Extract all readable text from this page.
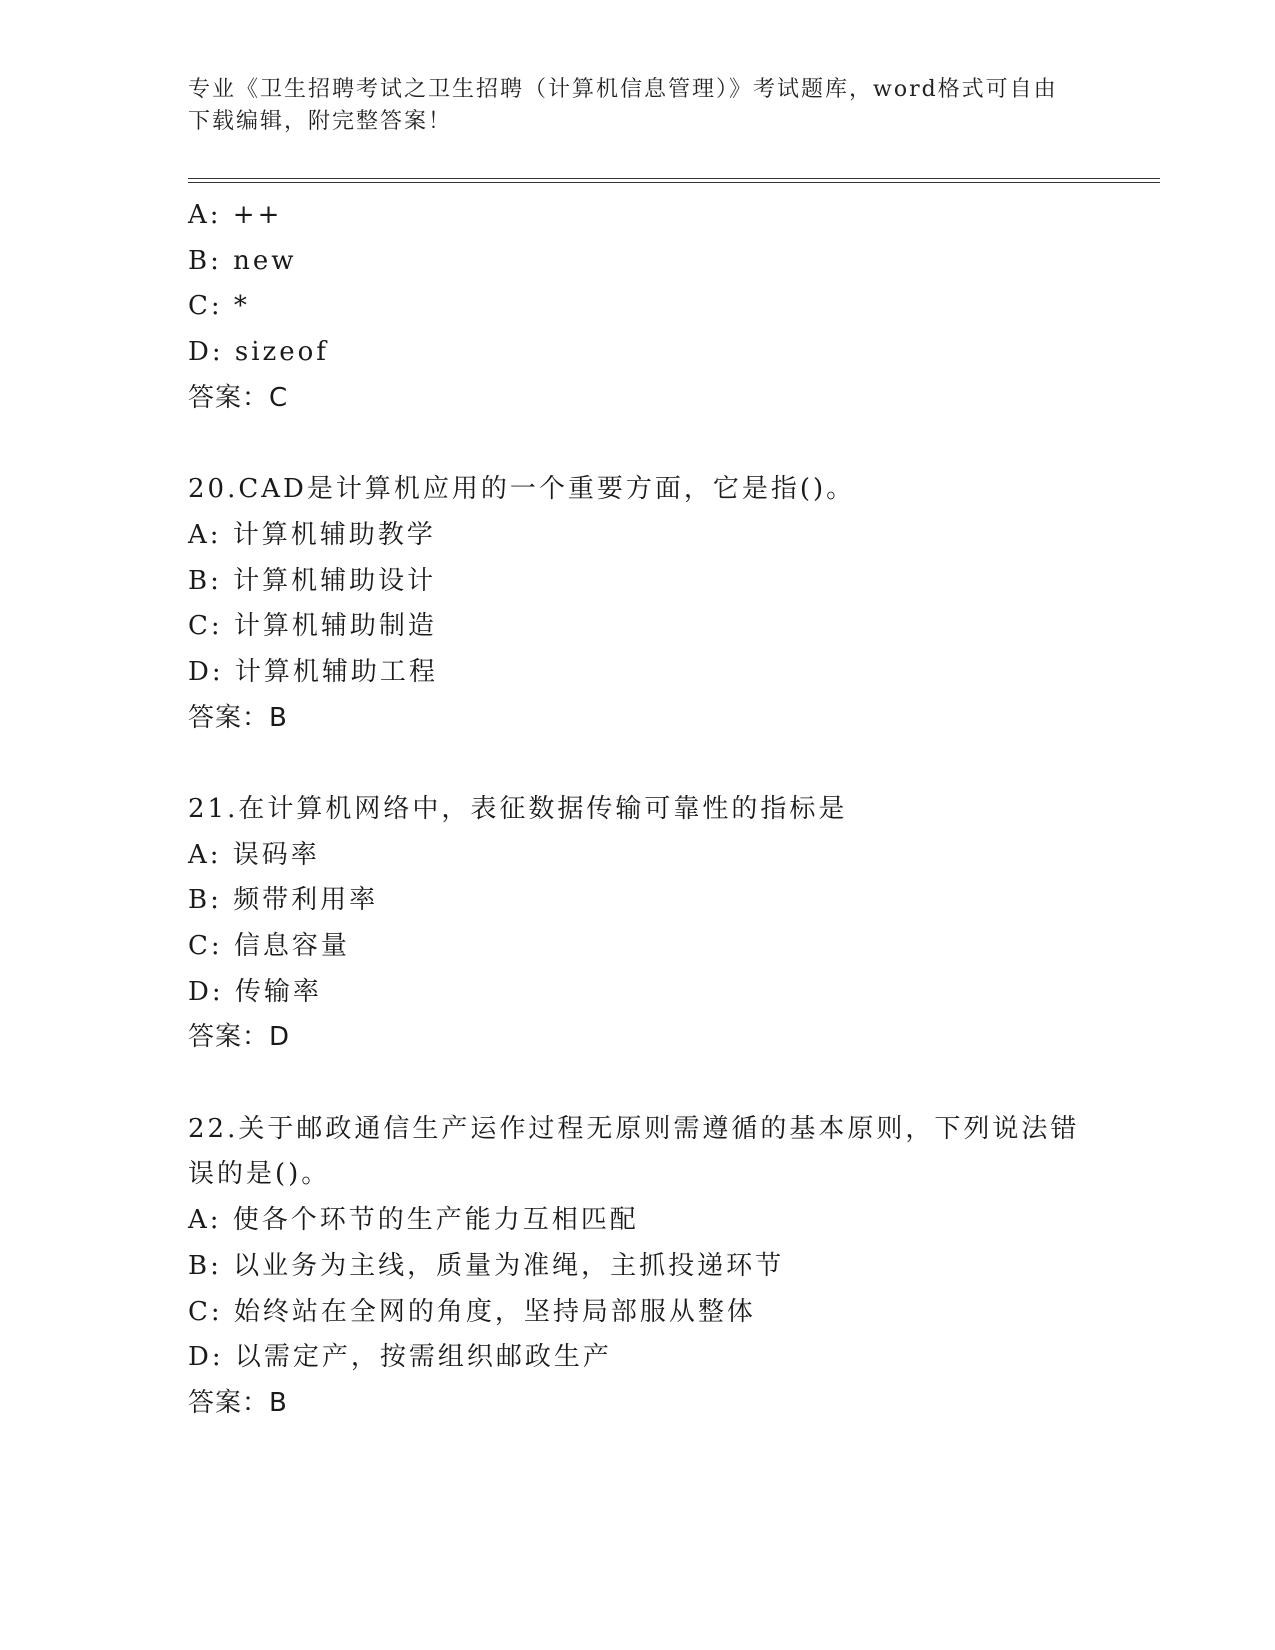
专业《卫生招聘考试之卫生招聘（计算机信息管理）》考试题库，word格式可自由下载编辑，附完整答案！
A: ++
B: new
C: *
D: sizeof
答案：C
20.CAD是计算机应用的一个重要方面，它是指()。
A: 计算机辅助教学
B: 计算机辅助设计
C: 计算机辅助制造
D: 计算机辅助工程
答案：B
21.在计算机网络中，表征数据传输可靠性的指标是
A: 误码率
B: 频带利用率
C: 信息容量
D: 传输率
答案：D
22.关于邮政通信生产运作过程无原则需遵循的基本原则，下列说法错误的是()。
A: 使各个环节的生产能力互相匹配
B: 以业务为主线，质量为准绳，主抓投递环节
C: 始终站在全网的角度，坚持局部服从整体
D: 以需定产，按需组织邮政生产
答案：B
